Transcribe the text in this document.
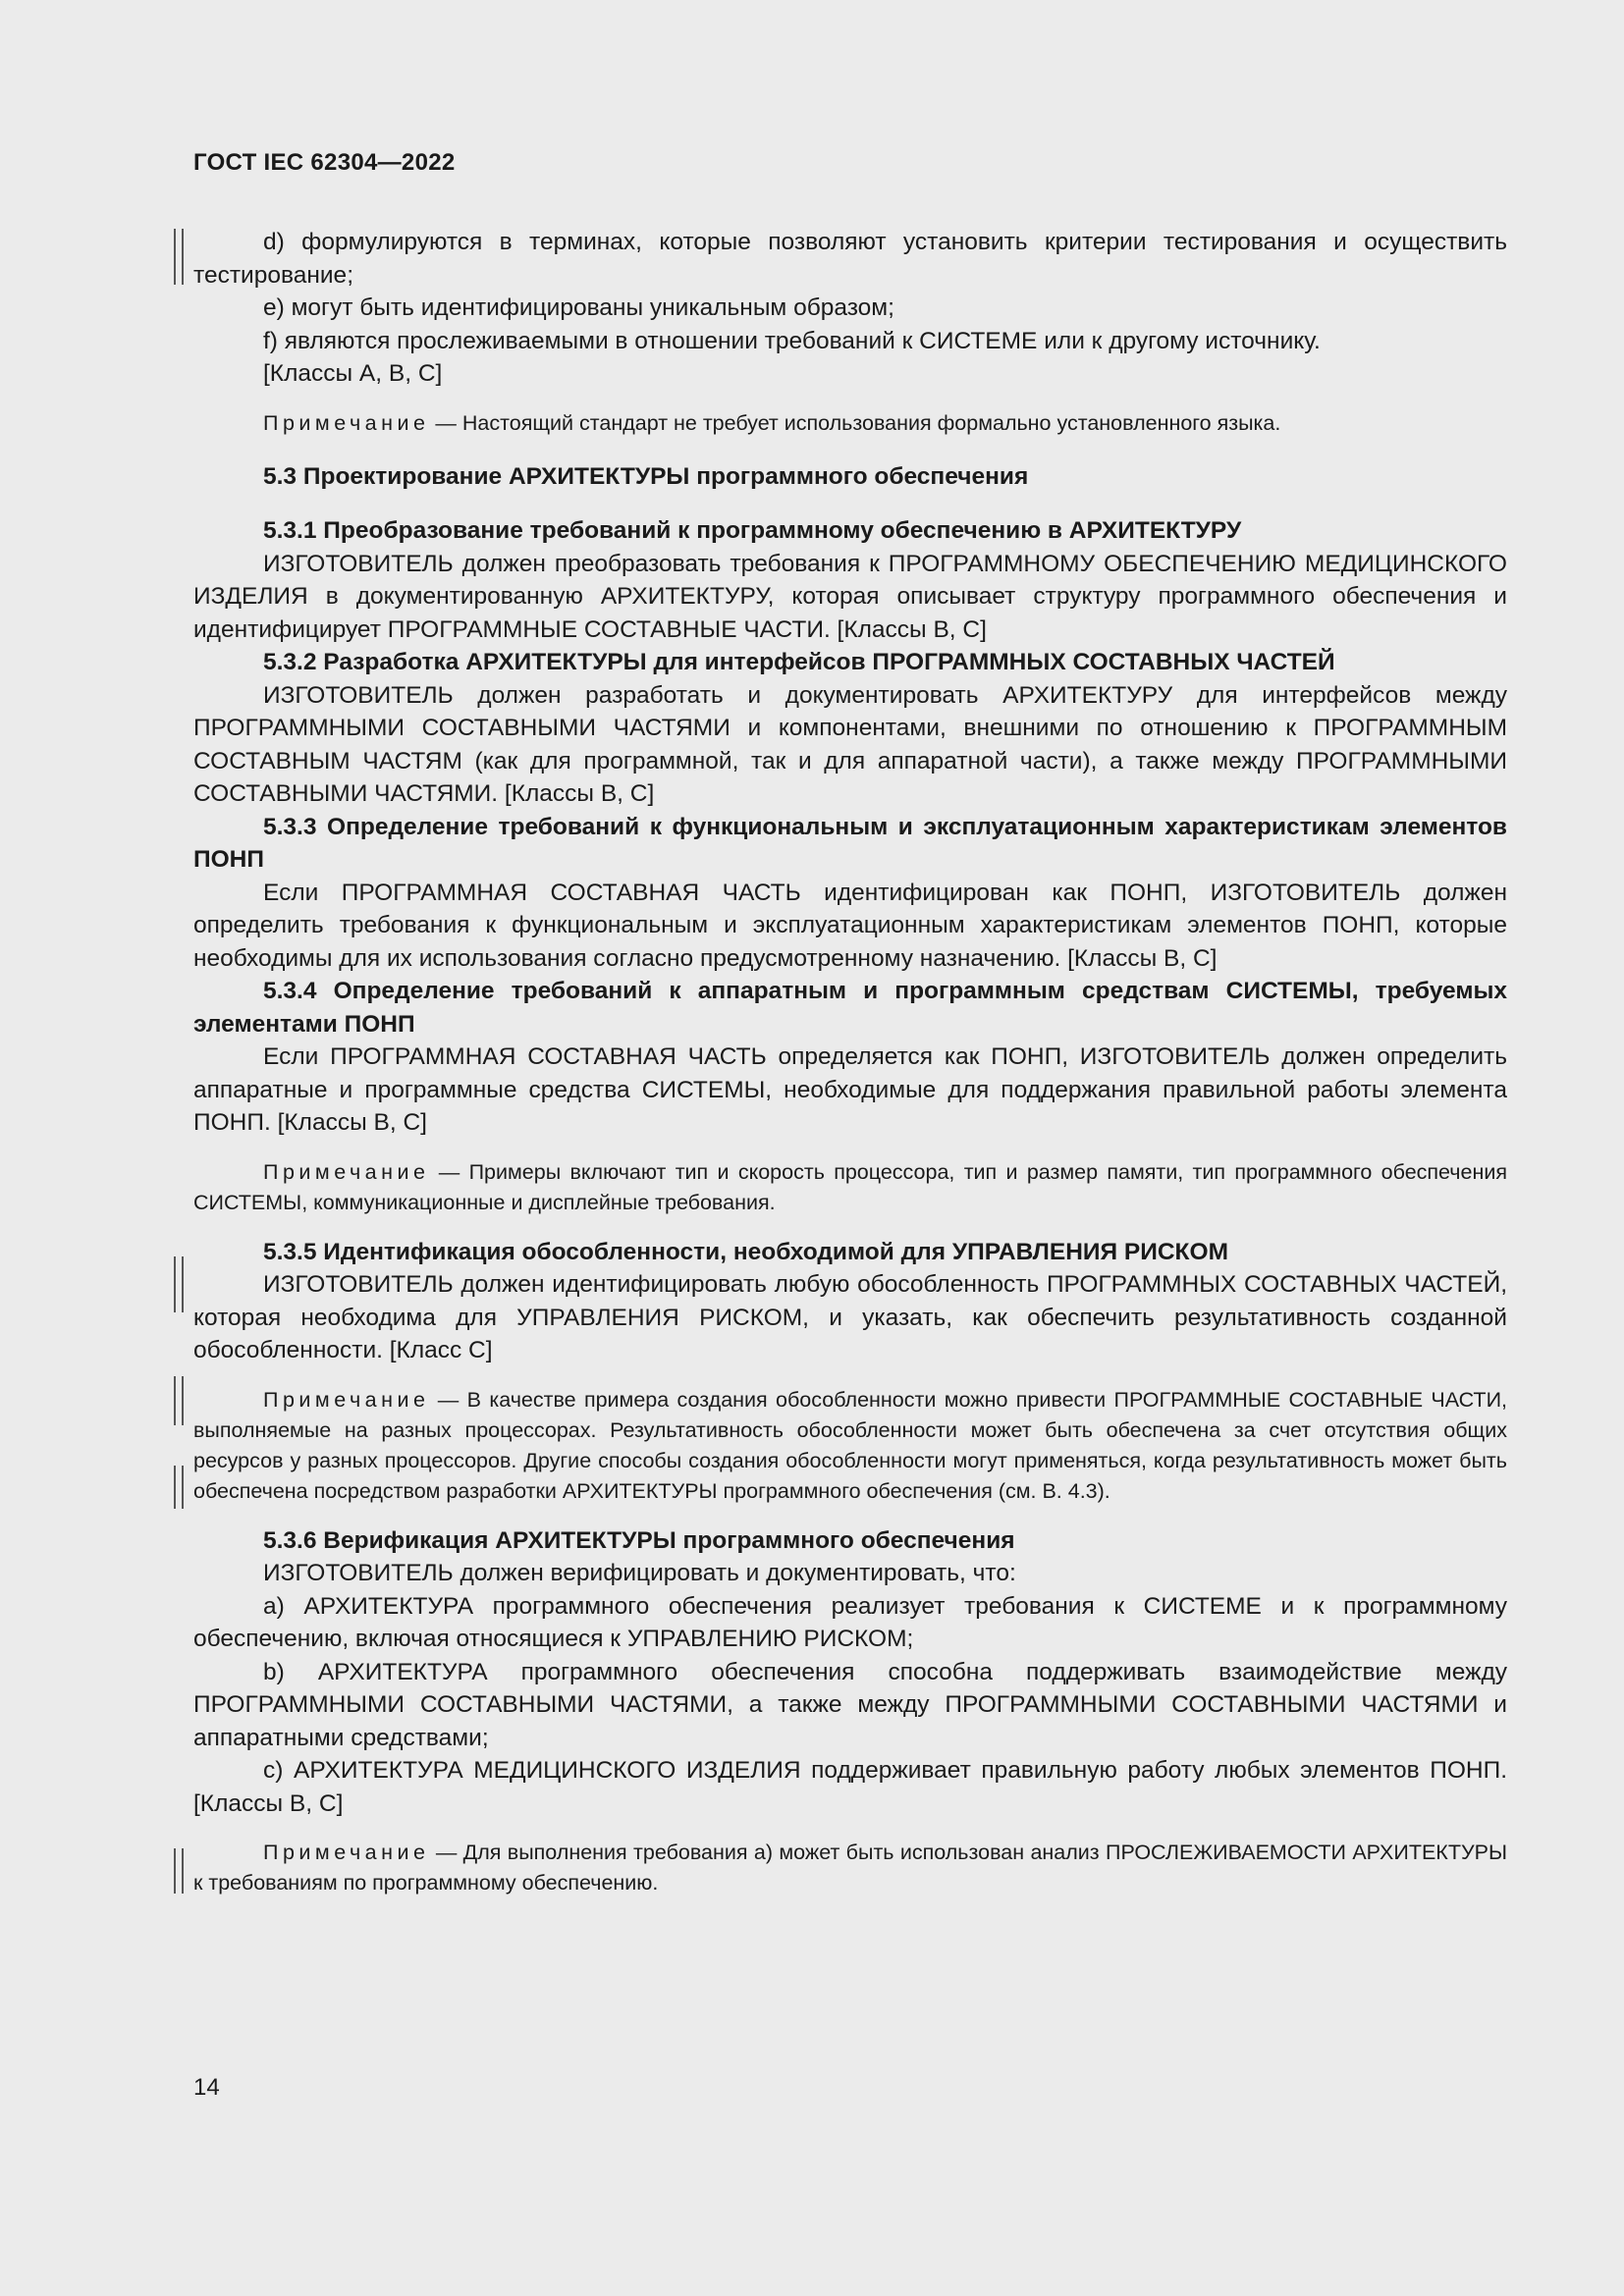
ГОСТ IEC 62304—2022

d) формулируются в терминах, которые позволяют установить критерии тестирования и осуществить тестирование;

e) могут быть идентифицированы уникальным образом;

f) являются прослеживаемыми в отношении требований к СИСТЕМЕ или к другому источнику.

[Классы А, В, С]

Примечание — Настоящий стандарт не требует использования формально установленного языка.

5.3 Проектирование АРХИТЕКТУРЫ программного обеспечения

5.3.1 Преобразование требований к программному обеспечению в АРХИТЕКТУРУ

ИЗГОТОВИТЕЛЬ должен преобразовать требования к ПРОГРАММНОМУ ОБЕСПЕЧЕНИЮ МЕДИЦИНСКОГО ИЗДЕЛИЯ в документированную АРХИТЕКТУРУ, которая описывает структуру программного обеспечения и идентифицирует ПРОГРАММНЫЕ СОСТАВНЫЕ ЧАСТИ. [Классы В, С]

5.3.2 Разработка АРХИТЕКТУРЫ для интерфейсов ПРОГРАММНЫХ СОСТАВНЫХ ЧАСТЕЙ

ИЗГОТОВИТЕЛЬ должен разработать и документировать АРХИТЕКТУРУ для интерфейсов между ПРОГРАММНЫМИ СОСТАВНЫМИ ЧАСТЯМИ и компонентами, внешними по отношению к ПРОГРАММНЫМ СОСТАВНЫМ ЧАСТЯМ (как для программной, так и для аппаратной части), а также между ПРОГРАММНЫМИ СОСТАВНЫМИ ЧАСТЯМИ. [Классы В, С]

5.3.3 Определение требований к функциональным и эксплуатационным характеристикам элементов ПОНП

Если ПРОГРАММНАЯ СОСТАВНАЯ ЧАСТЬ идентифицирован как ПОНП, ИЗГОТОВИТЕЛЬ должен определить требования к функциональным и эксплуатационным характеристикам элементов ПОНП, которые необходимы для их использования согласно предусмотренному назначению. [Классы В, С]

5.3.4 Определение требований к аппаратным и программным средствам СИСТЕМЫ, требуемых элементами ПОНП

Если ПРОГРАММНАЯ СОСТАВНАЯ ЧАСТЬ определяется как ПОНП, ИЗГОТОВИТЕЛЬ должен определить аппаратные и программные средства СИСТЕМЫ, необходимые для поддержания правильной работы элемента ПОНП. [Классы В, С]

Примечание — Примеры включают тип и скорость процессора, тип и размер памяти, тип программного обеспечения СИСТЕМЫ, коммуникационные и дисплейные требования.

5.3.5 Идентификация обособленности, необходимой для УПРАВЛЕНИЯ РИСКОМ

ИЗГОТОВИТЕЛЬ должен идентифицировать любую обособленность ПРОГРАММНЫХ СОСТАВНЫХ ЧАСТЕЙ, которая необходима для УПРАВЛЕНИЯ РИСКОМ, и указать, как обеспечить результативность созданной обособленности. [Класс С]

Примечание — В качестве примера создания обособленности можно привести ПРОГРАММНЫЕ СОСТАВНЫЕ ЧАСТИ, выполняемые на разных процессорах. Результативность обособленности может быть обеспечена за счет отсутствия общих ресурсов у разных процессоров. Другие способы создания обособленности могут применяться, когда результативность может быть обеспечена посредством разработки АРХИТЕКТУРЫ программного обеспечения (см. В. 4.3).

5.3.6 Верификация АРХИТЕКТУРЫ программного обеспечения

ИЗГОТОВИТЕЛЬ должен верифицировать и документировать, что:

a) АРХИТЕКТУРА программного обеспечения реализует требования к СИСТЕМЕ и к программному обеспечению, включая относящиеся к УПРАВЛЕНИЮ РИСКОМ;

b) АРХИТЕКТУРА программного обеспечения способна поддерживать взаимодействие между ПРОГРАММНЫМИ СОСТАВНЫМИ ЧАСТЯМИ, а также между ПРОГРАММНЫМИ СОСТАВНЫМИ ЧАСТЯМИ и аппаратными средствами;

c) АРХИТЕКТУРА МЕДИЦИНСКОГО ИЗДЕЛИЯ поддерживает правильную работу любых элементов ПОНП. [Классы В, С]

Примечание — Для выполнения требования а) может быть использован анализ ПРОСЛЕЖИВАЕМОСТИ АРХИТЕКТУРЫ к требованиям по программному обеспечению.

14
